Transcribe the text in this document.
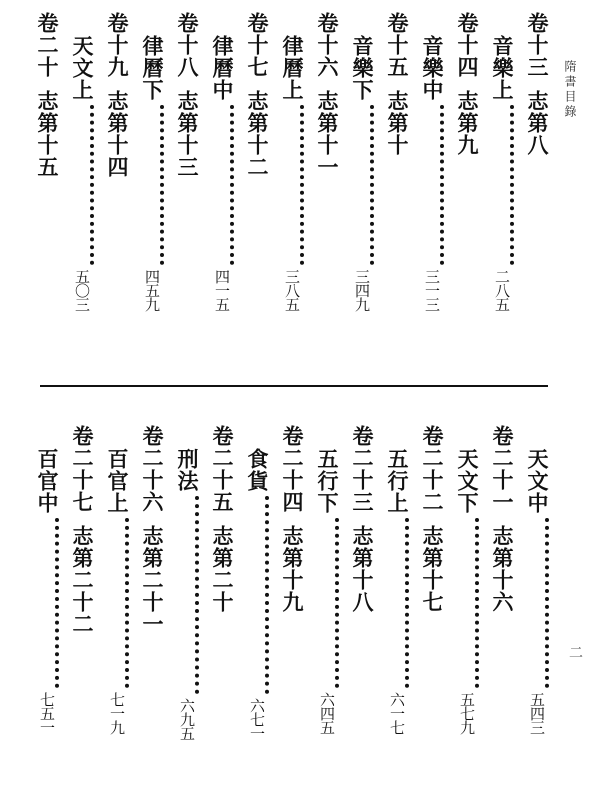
隋書目錄
二
卷十三志第八
音樂上二八五
卷十四志第九
音樂中三一三
卷十五志第十
音樂下三四九
卷十六志第十一
律曆上三八五
卷十七志第十二
律曆中四一五
卷十八志第十三
律曆下四五九
卷十九志第十四
天文上五〇三
卷二十志第十五
天文中五四三
卷二十一志第十六
天文下五七九
卷二十二志第十七
五行上六一七
卷二十三志第十八
五行下六四五
卷二十四志第十九
食貨六七一
卷二十五志第二十
刑法六九五
卷二十六志第二十一
百官上七一九
卷二十七志第二十二
百官中七五一
